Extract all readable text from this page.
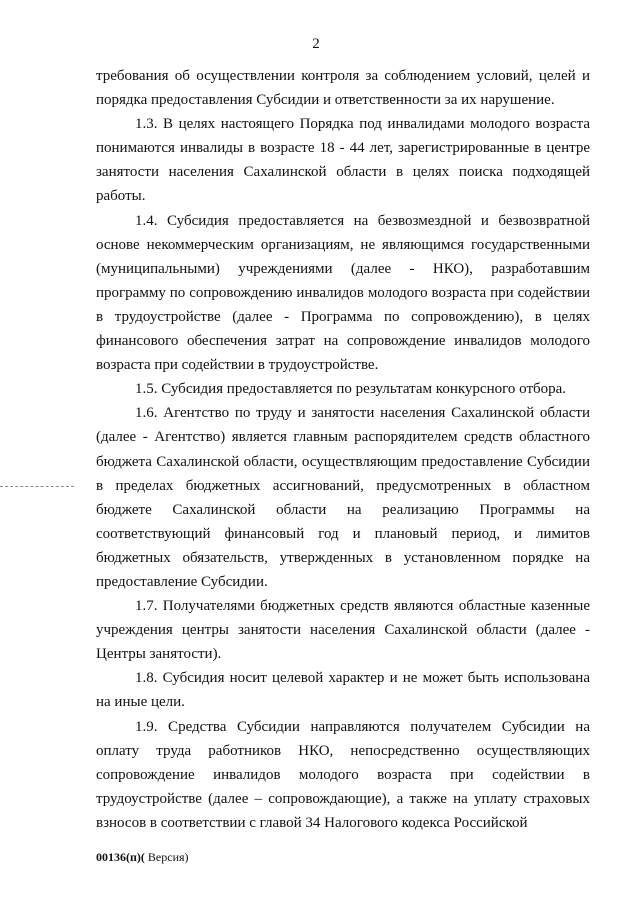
2

требования об осуществлении контроля за соблюдением условий, целей и порядка предоставления Субсидии и ответственности за их нарушение.

1.3. В целях настоящего Порядка под инвалидами молодого возраста понимаются инвалиды в возрасте 18 - 44 лет, зарегистрированные в центре занятости населения Сахалинской области в целях поиска подходящей работы.

1.4. Субсидия предоставляется на безвозмездной и безвозвратной основе некоммерческим организациям, не являющимся государственными (муниципальными) учреждениями (далее - НКО), разработавшим программу по сопровождению инвалидов молодого возраста при содействии в трудоустройстве (далее - Программа по сопровождению), в целях финансового обеспечения затрат на сопровождение инвалидов молодого возраста при содействии в трудоустройстве.

1.5. Субсидия предоставляется по результатам конкурсного отбора.

1.6. Агентство по труду и занятости населения Сахалинской области (далее - Агентство) является главным распорядителем средств областного бюджета Сахалинской области, осуществляющим предоставление Субсидии в пределах бюджетных ассигнований, предусмотренных в областном бюджете Сахалинской области на реализацию Программы на соответствующий финансовый год и плановый период, и лимитов бюджетных обязательств, утвержденных в установленном порядке на предоставление Субсидии.

1.7. Получателями бюджетных средств являются областные казенные учреждения центры занятости населения Сахалинской области (далее - Центры занятости).

1.8. Субсидия носит целевой характер и не может быть использована на иные цели.

1.9. Средства Субсидии направляются получателем Субсидии на оплату труда работников НКО, непосредственно осуществляющих сопровождение инвалидов молодого возраста при содействии в трудоустройстве (далее – сопровождающие), а также на уплату страховых взносов в соответствии с главой 34 Налогового кодекса Российской

00136(п)( Версия)
